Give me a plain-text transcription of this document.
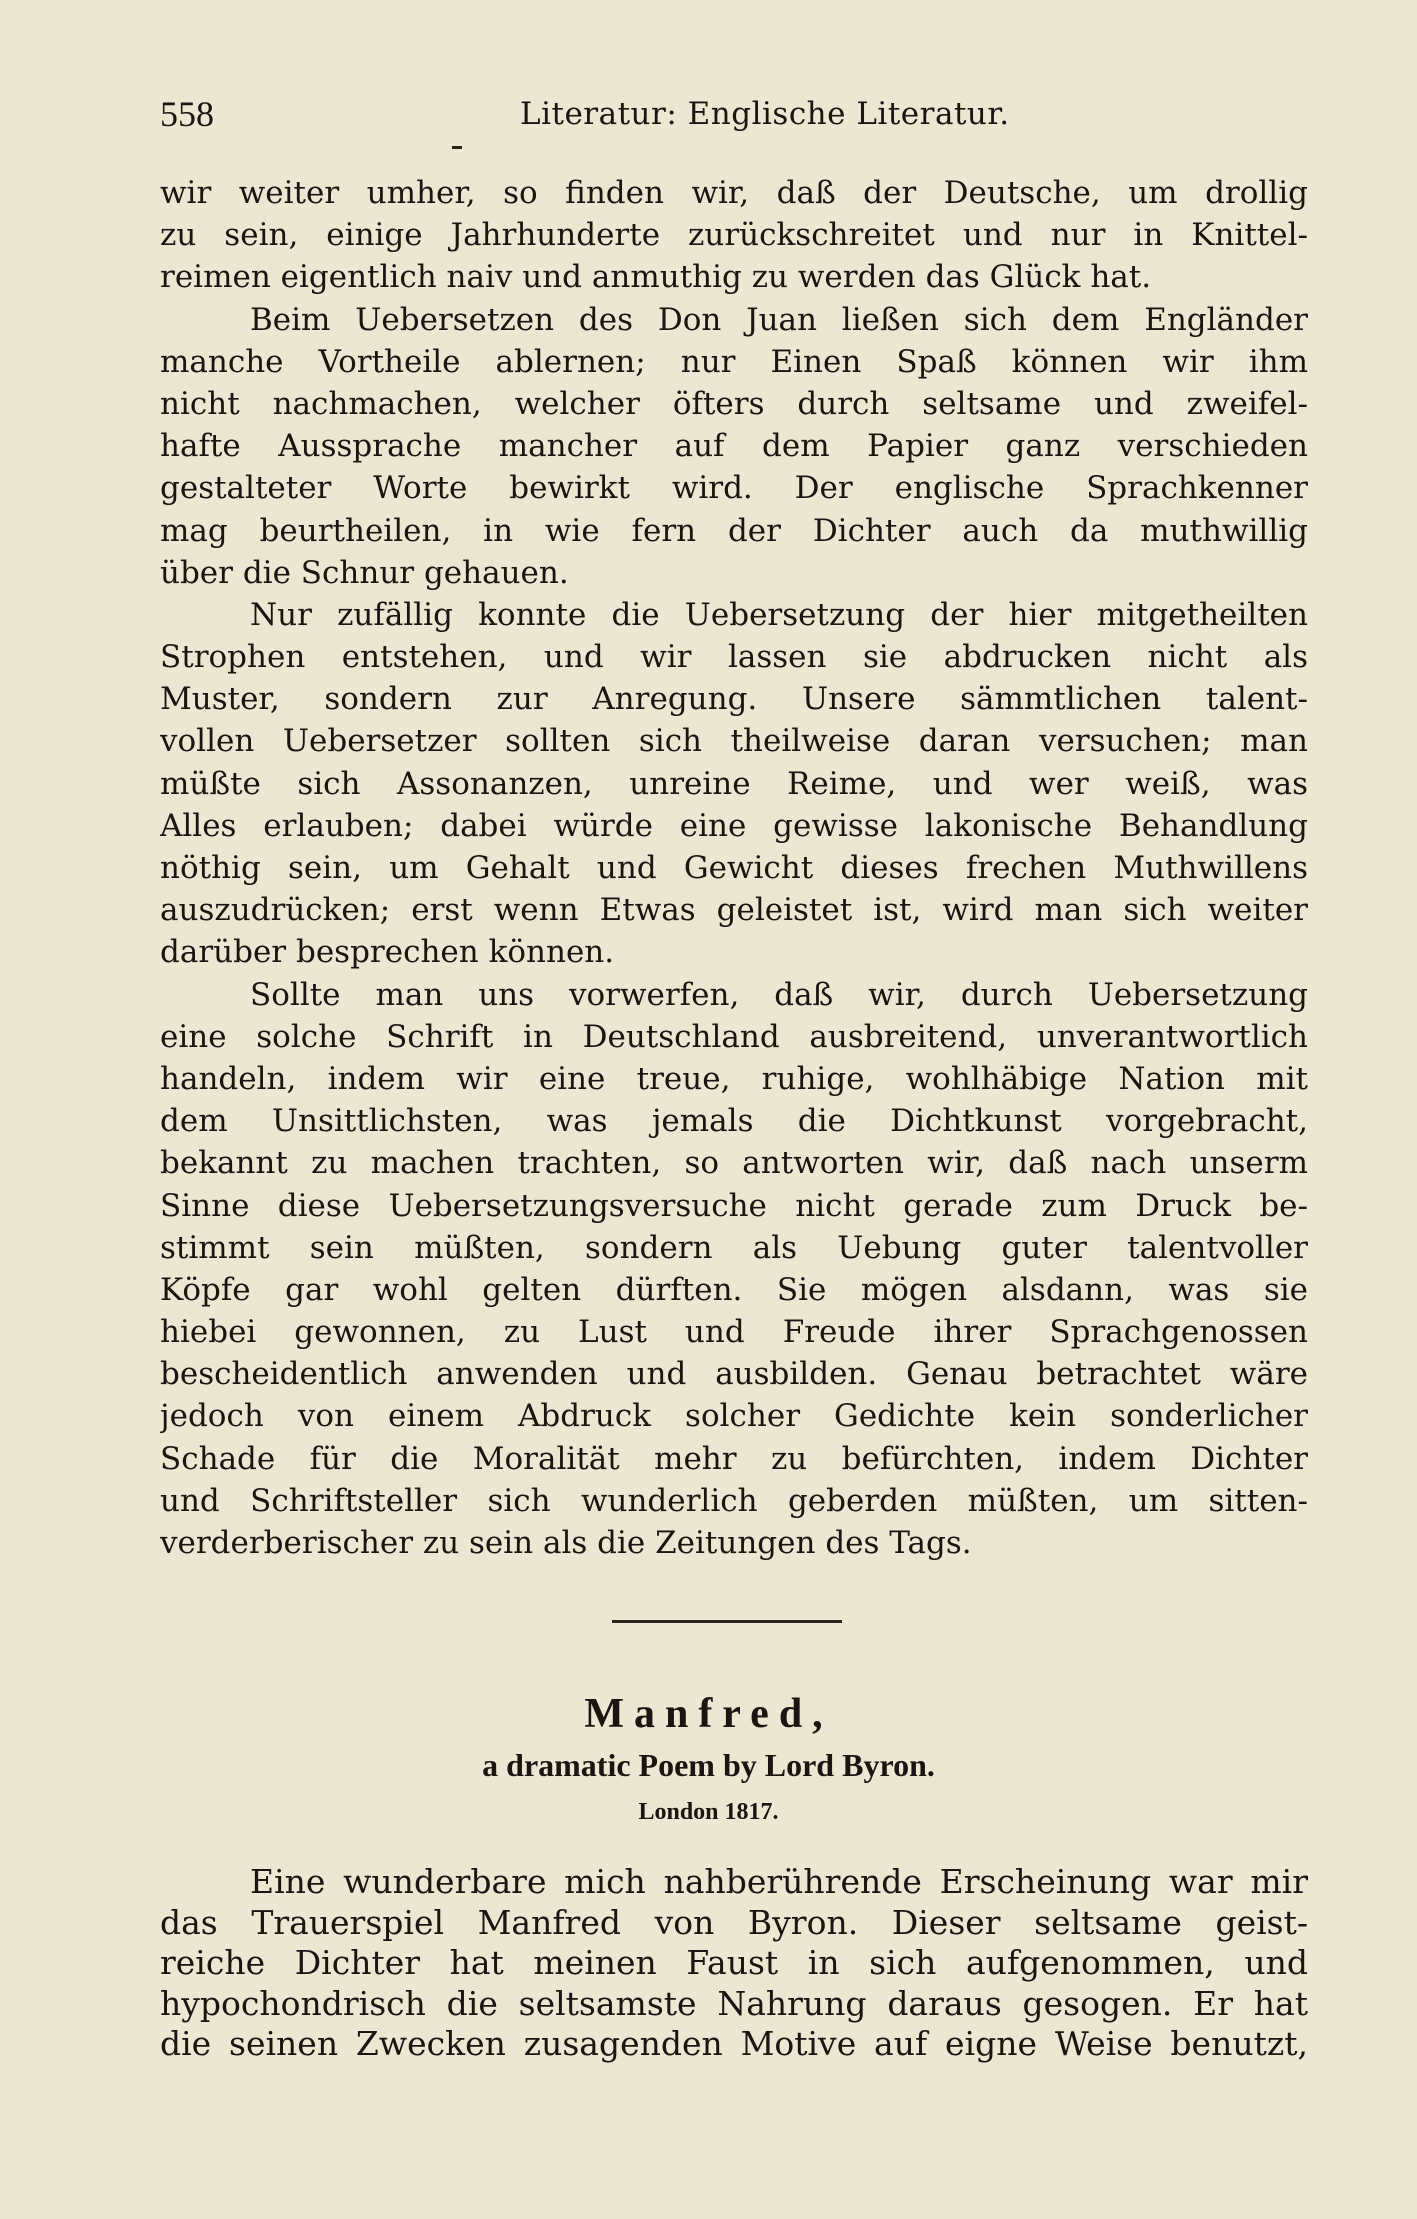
558	Literatur: Englische Literatur.

wir weiter umher, so finden wir, daß der Deutsche, um drollig
zu sein, einige Jahrhunderte zurückschreitet und nur in Knittel-
reimen eigentlich naiv und anmuthig zu werden das Glück hat.

Beim Uebersetzen des Don Juan ließen sich dem Engländer
manche Vortheile ablernen; nur Einen Spaß können wir ihm
nicht nachmachen, welcher öfters durch seltsame und zweifel-
hafte Aussprache mancher auf dem Papier ganz verschieden
gestalteter Worte bewirkt wird. Der englische Sprachkenner
mag beurtheilen, in wie fern der Dichter auch da muthwillig
über die Schnur gehauen.

Nur zufällig konnte die Uebersetzung der hier mitgetheilten
Strophen entstehen, und wir lassen sie abdrucken nicht als
Muster, sondern zur Anregung. Unsere sämmtlichen talent-
vollen Uebersetzer sollten sich theilweise daran versuchen; man
müßte sich Assonanzen, unreine Reime, und wer weiß, was
Alles erlauben; dabei würde eine gewisse lakonische Behandlung
nöthig sein, um Gehalt und Gewicht dieses frechen Muthwillens
auszudrücken; erst wenn Etwas geleistet ist, wird man sich weiter
darüber besprechen können.

Sollte man uns vorwerfen, daß wir, durch Uebersetzung
eine solche Schrift in Deutschland ausbreitend, unverantwortlich
handeln, indem wir eine treue, ruhige, wohlhäbige Nation mit
dem Unsittlichsten, was jemals die Dichtkunst vorgebracht,
bekannt zu machen trachten, so antworten wir, daß nach unserm
Sinne diese Uebersetzungsversuche nicht gerade zum Druck be-
stimmt sein müßten, sondern als Uebung guter talentvoller
Köpfe gar wohl gelten dürften. Sie mögen alsdann, was sie
hiebei gewonnen, zu Lust und Freude ihrer Sprachgenossen
bescheidentlich anwenden und ausbilden. Genau betrachtet wäre
jedoch von einem Abdruck solcher Gedichte kein sonderlicher
Schade für die Moralität mehr zu befürchten, indem Dichter
und Schriftsteller sich wunderlich geberden müßten, um sitten-
verderberischer zu sein als die Zeitungen des Tags.

Manfred,
a dramatic Poem by Lord Byron.
London 1817.

Eine wunderbare mich nahberührende Erscheinung war mir
das Trauerspiel Manfred von Byron. Dieser seltsame geist-
reiche Dichter hat meinen Faust in sich aufgenommen, und
hypochondrisch die seltsamste Nahrung daraus gesogen. Er hat
die seinen Zwecken zusagenden Motive auf eigne Weise benutzt,
